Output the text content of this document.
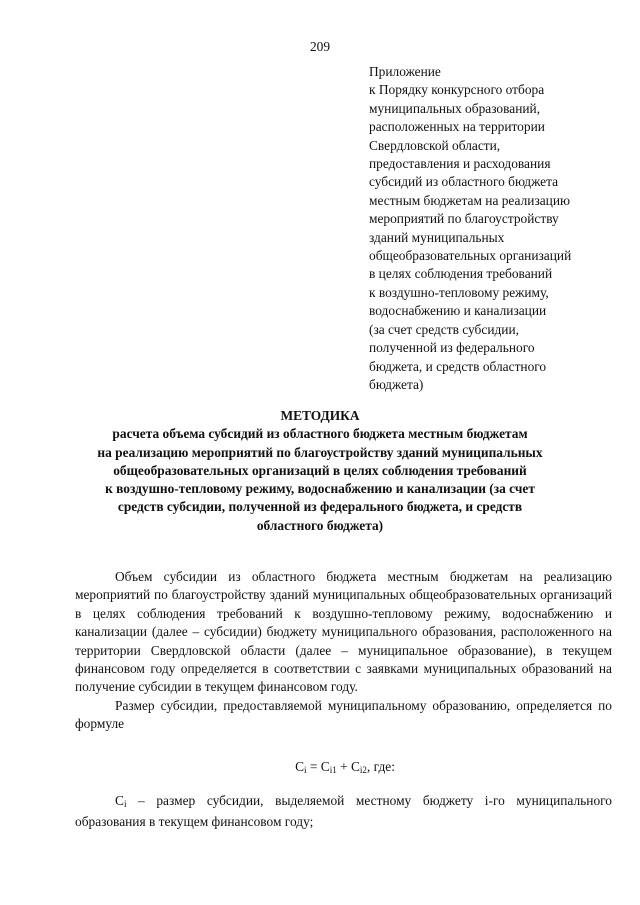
209
Приложение
к Порядку конкурсного отбора
муниципальных образований,
расположенных на территории
Свердловской области,
предоставления и расходования
субсидий из областного бюджета
местным бюджетам на реализацию
мероприятий по благоустройству
зданий муниципальных
общеобразовательных организаций
в целях соблюдения требований
к воздушно-тепловому режиму,
водоснабжению и канализации
(за счет средств субсидии,
полученной из федерального
бюджета, и средств областного
бюджета)
МЕТОДИКА
расчета объема субсидий из областного бюджета местным бюджетам
на реализацию мероприятий по благоустройству зданий муниципальных
общеобразовательных организаций в целях соблюдения требований
к воздушно-тепловому режиму, водоснабжению и канализации (за счет
средств субсидии, полученной из федерального бюджета, и средств
областного бюджета)

Объем субсидии из областного бюджета местным бюджетам на реализацию мероприятий по благоустройству зданий муниципальных общеобразовательных организаций в целях соблюдения требований к воздушно-тепловому режиму, водоснабжению и канализации (далее – субсидии) бюджету муниципального образования, расположенного на территории Свердловской области (далее – муниципальное образование), в текущем финансовом году определяется в соответствии с заявками муниципальных образований на получение субсидии в текущем финансовом году.

Размер субсидии, предоставляемой муниципальному образованию, определяется по формуле

$C_i = C_{i1} + C_{i2}$, где:

$C_i$ – размер субсидии, выделяемой местному бюджету i-го муниципального образования в текущем финансовом году;
